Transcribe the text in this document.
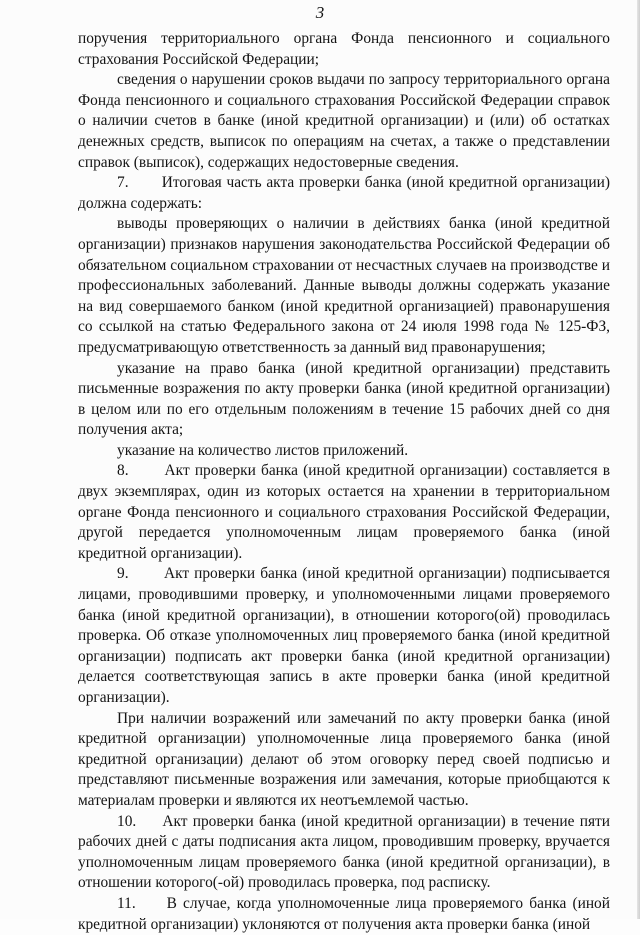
3

поручения территориального органа Фонда пенсионного и социального страхования Российской Федерации;

сведения о нарушении сроков выдачи по запросу территориального органа Фонда пенсионного и социального страхования Российской Федерации справок о наличии счетов в банке (иной кредитной организации) и (или) об остатках денежных средств, выписок по операциям на счетах, а также о представлении справок (выписок), содержащих недостоверные сведения.

7.       Итоговая часть акта проверки банка (иной кредитной организации) должна содержать:

выводы проверяющих о наличии в действиях банка (иной кредитной организации) признаков нарушения законодательства Российской Федерации об обязательном социальном страховании от несчастных случаев на производстве и профессиональных заболеваний. Данные выводы должны содержать указание на вид совершаемого банком (иной кредитной организацией) правонарушения со ссылкой на статью Федерального закона от 24 июля 1998 года № 125-ФЗ, предусматривающую ответственность за данный вид правонарушения;

указание на право банка (иной кредитной организации) представить письменные возражения по акту проверки банка (иной кредитной организации) в целом или по его отдельным положениям в течение 15 рабочих дней со дня получения акта;

указание на количество листов приложений.

8.       Акт проверки банка (иной кредитной организации) составляется в двух экземплярах, один из которых остается на хранении в территориальном органе Фонда пенсионного и социального страхования Российской Федерации, другой передается уполномоченным лицам проверяемого банка (иной кредитной организации).

9.       Акт проверки банка (иной кредитной организации) подписывается лицами, проводившими проверку, и уполномоченными лицами проверяемого банка (иной кредитной организации), в отношении которого(ой) проводилась проверка. Об отказе уполномоченных лиц проверяемого банка (иной кредитной организации) подписать акт проверки банка (иной кредитной организации) делается соответствующая запись в акте проверки банка (иной кредитной организации).

При наличии возражений или замечаний по акту проверки банка (иной кредитной организации) уполномоченные лица проверяемого банка (иной кредитной организации) делают об этом оговорку перед своей подписью и представляют письменные возражения или замечания, которые приобщаются к материалам проверки и являются их неотъемлемой частью.

10.     Акт проверки банка (иной кредитной организации) в течение пяти рабочих дней с даты подписания акта лицом, проводившим проверку, вручается уполномоченным лицам проверяемого банка (иной кредитной организации), в отношении которого(-ой) проводилась проверка, под расписку.

11.     В случае, когда уполномоченные лица проверяемого банка (иной кредитной организации) уклоняются от получения акта проверки банка (иной
